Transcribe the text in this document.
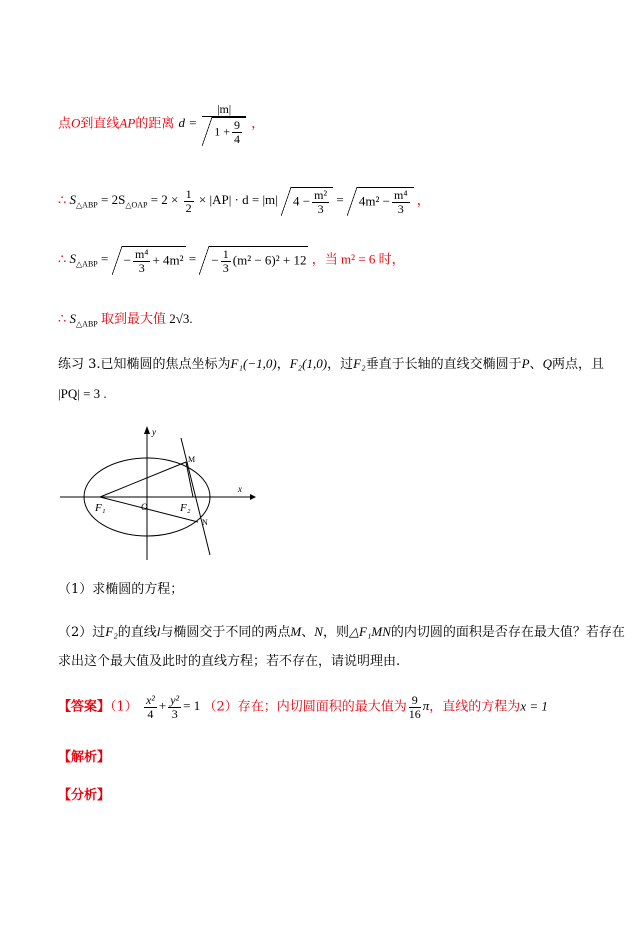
点O到直线AP的距离 $d = \frac{|m|}{1 + \frac{9}{4}}$ ，
∴ $S_{\triangle ABP} = 2S_{\triangle OAP} = 2 \times \frac{1}{2} \times |AP| \cdot d = |m|$ $4 - \frac{\text{m²}}{3} = 4m^2 - \frac{\text{m⁴}}{3}$ ，
∴ $S_{\triangle ABP}$ = − $\frac{\text{m⁴}}{3} + 4m^2$ = − $\frac{1}{3} (m^2 - 6)^2 + 12$ ，当 m² = 6 时，
∴ $S_{\triangle ABP}$ 取到最大值 2√3.
练习 3.已知椭圆的焦点坐标为F₁(−1,0)，F₂(1,0)，过F₂垂直于长轴的直线交椭圆于P、Q两点，且
|PQ| = 3 .
y
x
M
N
F₁	F₂
O
（1）求椭圆的方程；
（2）过F₂的直线l与椭圆交于不同的两点M、N，则△F₁MN的内切圆的面积是否存在最大值？若存在
求出这个最大值及此时的直线方程；若不存在，请说明理由.
【答案】$(1) \frac{\text{x²}}{4} + \frac{\text{y²}}{3} = 1$ （2）存在；内切圆面积的最大值为 $\frac{9}{16}$ π，直线的方程为x = 1
【解析】
【分析】
